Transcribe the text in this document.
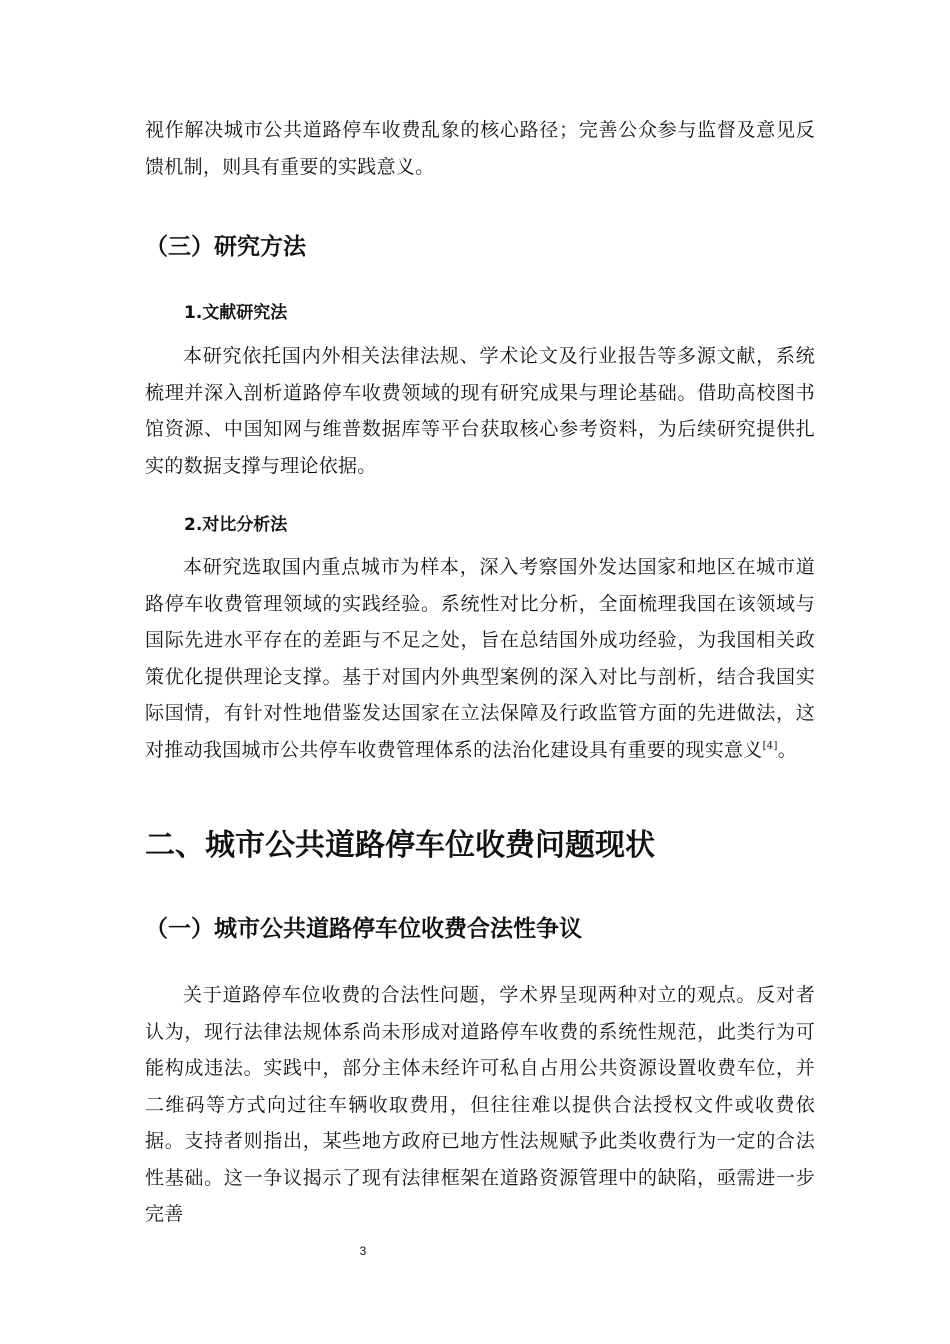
视作解决城市公共道路停车收费乱象的核心路径；完善公众参与监督及意见反馈机制，则具有重要的实践意义。
（三）研究方法
1.文献研究法
本研究依托国内外相关法律法规、学术论文及行业报告等多源文献，系统梳理并深入剖析道路停车收费领域的现有研究成果与理论基础。借助高校图书馆资源、中国知网与维普数据库等平台获取核心参考资料，为后续研究提供扎实的数据支撑与理论依据。
2.对比分析法
本研究选取国内重点城市为样本，深入考察国外发达国家和地区在城市道路停车收费管理领域的实践经验。系统性对比分析，全面梳理我国在该领域与国际先进水平存在的差距与不足之处，旨在总结国外成功经验，为我国相关政策优化提供理论支撑。基于对国内外典型案例的深入对比与剖析，结合我国实际国情，有针对性地借鉴发达国家在立法保障及行政监管方面的先进做法，这对推动我国城市公共停车收费管理体系的法治化建设具有重要的现实意义[4]。
二、城市公共道路停车位收费问题现状
（一）城市公共道路停车位收费合法性争议
关于道路停车位收费的合法性问题，学术界呈现两种对立的观点。反对者认为，现行法律法规体系尚未形成对道路停车收费的系统性规范，此类行为可能构成违法。实践中，部分主体未经许可私自占用公共资源设置收费车位，并二维码等方式向过往车辆收取费用，但往往难以提供合法授权文件或收费依据。支持者则指出，某些地方政府已地方性法规赋予此类收费行为一定的合法性基础。这一争议揭示了现有法律框架在道路资源管理中的缺陷，亟需进一步完善
3
